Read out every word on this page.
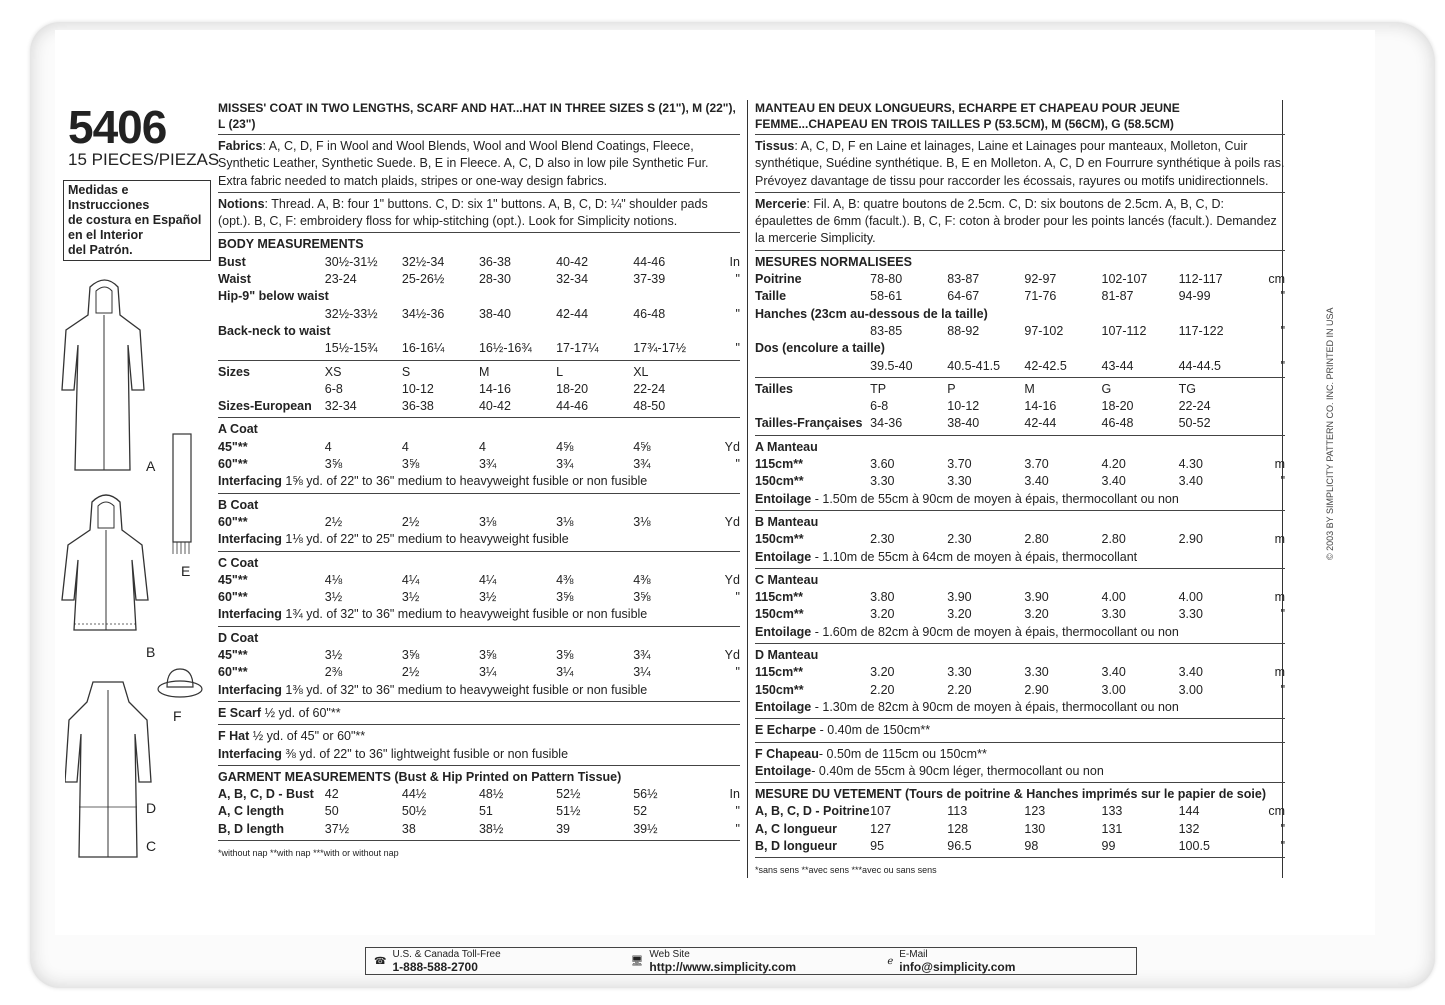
5406
15 PIECES/PIEZAS
Medidas e Instrucciones
de costura en Español
en el Interior
del Patrón.
A
E
B
F
D
C
MISSES' COAT IN TWO LENGTHS, SCARF AND HAT...HAT IN THREE SIZES S (21"), M (22"), L (23")
Fabrics: A, C, D, F in Wool and Wool Blends, Wool and Wool Blend Coatings, Fleece, Synthetic Leather, Synthetic Suede. B, E in Fleece. A, C, D also in low pile Synthetic Fur. Extra fabric needed to match plaids, stripes or one-way design fabrics.
Notions: Thread. A, B: four 1" buttons. C, D: six 1" buttons. A, B, C, D: ¼" shoulder pads (opt.). B, C, F: embroidery floss for whip-stitching (opt.). Look for Simplicity notions.
BODY MEASUREMENTS
Bust	30½-31½	32½-34	36-38	40-42	44-46	In
Waist	23-24	25-26½	28-30	32-34	37-39	"
Hip-9" below waist
32½-33½	34½-36	38-40	42-44	46-48	"
Back-neck to waist
15½-15¾	16-16¼	16½-16¾	17-17¼	17¾-17½	"
Sizes	XS	S	M	L	XL
6-8	10-12	14-16	18-20	22-24
Sizes-European	32-34	36-38	40-42	44-46	48-50
A Coat
45"**	4	4	4	4⅝	4⅝	Yd
60"**	3⅝	3⅝	3¾	3¾	3¾	"
Interfacing 1⅝ yd. of 22" to 36" medium to heavyweight fusible or non fusible
B Coat
60"**	2½	2½	3⅛	3⅛	3⅛	Yd
Interfacing 1⅛ yd. of 22" to 25" medium to heavyweight fusible
C Coat
45"**	4⅛	4¼	4¼	4⅜	4⅜	Yd
60"**	3½	3½	3½	3⅝	3⅝	"
Interfacing 1¾ yd. of 32" to 36" medium to heavyweight fusible or non fusible
D Coat
45"**	3½	3⅝	3⅝	3⅝	3¾	Yd
60"**	2⅜	2½	3¼	3¼	3¼	"
Interfacing 1⅜ yd. of 32" to 36" medium to heavyweight fusible or non fusible
E Scarf ½ yd. of 60"**
F Hat ½ yd. of 45" or 60"**
Interfacing ⅜ yd. of 22" to 36" lightweight fusible or non fusible
GARMENT MEASUREMENTS (Bust & Hip Printed on Pattern Tissue)
A, B, C, D - Bust 42	44½	48½	52½	56½	In
A, C length	50	50½	51	51½	52	"
B, D length	37½	38	38½	39	39½	"
*without nap **with nap ***with or without nap
MANTEAU EN DEUX LONGUEURS, ECHARPE ET CHAPEAU POUR JEUNE FEMME...CHAPEAU EN TROIS TAILLES P (53.5CM), M (56CM), G (58.5CM)
Tissus: A, C, D, F en Laine et lainages, Laine et Lainages pour manteaux, Molleton, Cuir synthétique, Suédine synthétique. B, E en Molleton. A, C, D en Fourrure synthétique à poils ras. Prévoyez davantage de tissu pour raccorder les écossais, rayures ou motifs unidirectionnels.
Mercerie: Fil. A, B: quatre boutons de 2.5cm. C, D: six boutons de 2.5cm. A, B, C, D: épaulettes de 6mm (facult.). B, C, F: coton à broder pour les points lancés (facult.). Demandez la mercerie Simplicity.
MESURES NORMALISEES
Poitrine	78-80	83-87	92-97	102-107	112-117	cm
Taille	58-61	64-67	71-76	81-87	94-99	"
Hanches (23cm au-dessous de la taille)
83-85	88-92	97-102	107-112	117-122	"
Dos (encolure a taille)
39.5-40	40.5-41.5	42-42.5	43-44	44-44.5	"
Tailles	TP	P	M	G	TG
6-8	10-12	14-16	18-20	22-24
Tailles-Françaises 34-36	38-40	42-44	46-48	50-52
A Manteau
115cm**	3.60	3.70	3.70	4.20	4.30	m
150cm**	3.30	3.30	3.40	3.40	3.40	"
Entoilage - 1.50m de 55cm à 90cm de moyen à épais, thermocollant ou non
B Manteau
150cm**	2.30	2.30	2.80	2.80	2.90	m
Entoilage - 1.10m de 55cm à 64cm de moyen à épais, thermocollant
C Manteau
115cm**	3.80	3.90	3.90	4.00	4.00	m
150cm**	3.20	3.20	3.20	3.30	3.30	"
Entoilage - 1.60m de 82cm à 90cm de moyen à épais, thermocollant ou non
D Manteau
115cm**	3.20	3.30	3.30	3.40	3.40	m
150cm**	2.20	2.20	2.90	3.00	3.00	"
Entoilage - 1.30m de 82cm à 90cm de moyen à épais, thermocollant ou non
E Echarpe - 0.40m de 150cm**
F Chapeau- 0.50m de 115cm ou 150cm**
Entoilage- 0.40m de 55cm à 90cm léger, thermocollant ou non
MESURE DU VETEMENT (Tours de poitrine & Hanches imprimés sur le papier de soie)
A, B, C, D - Poitrine 107	113	123	133	144	cm
A, C longueur	127	128	130	131	132	"
B, D longueur	95	96.5	98	99	100.5	"
*sans sens **avec sens ***avec ou sans sens
© 2003 BY SIMPLICITY PATTERN CO. INC. PRINTED IN USA
☎
U.S. & Canada Toll-Free
1-888-588-2700	🖥
Web Site
http://www.simplicity.com	ℯ
E-Mail
info@simplicity.com
